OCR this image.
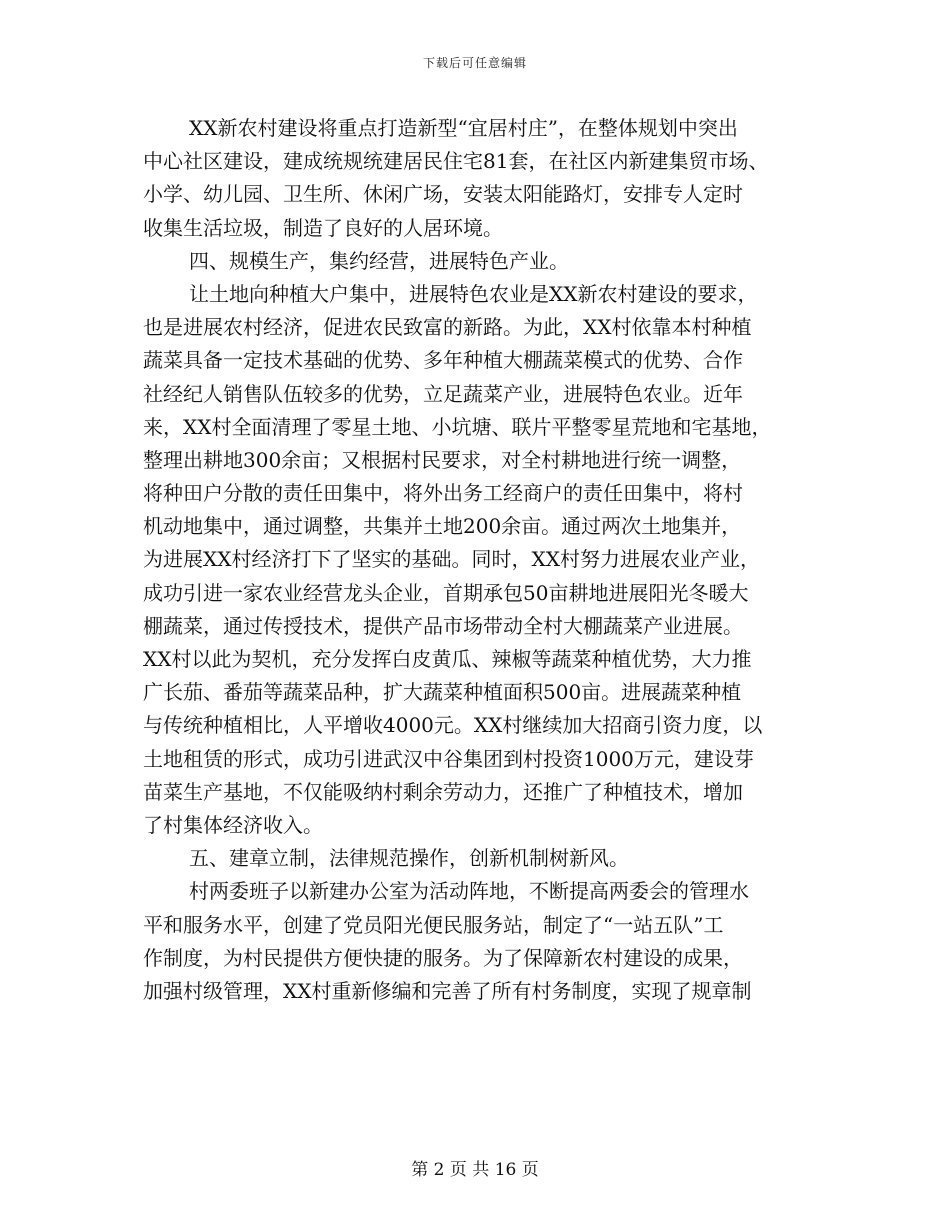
下载后可任意编辑
XX新农村建设将重点打造新型“宜居村庄”，在整体规划中突出
中心社区建设，建成统规统建居民住宅81套，在社区内新建集贸市场、
小学、幼儿园、卫生所、休闲广场，安装太阳能路灯，安排专人定时
收集生活垃圾，制造了良好的人居环境。
四、规模生产，集约经营，进展特色产业。
让土地向种植大户集中，进展特色农业是XX新农村建设的要求，
也是进展农村经济，促进农民致富的新路。为此，XX村依靠本村种植
蔬菜具备一定技术基础的优势、多年种植大棚蔬菜模式的优势、合作
社经纪人销售队伍较多的优势，立足蔬菜产业，进展特色农业。近年
来，XX村全面清理了零星土地、小坑塘、联片平整零星荒地和宅基地，
整理出耕地300余亩；又根据村民要求，对全村耕地进行统一调整，
将种田户分散的责任田集中，将外出务工经商户的责任田集中，将村
机动地集中，通过调整，共集并土地200余亩。通过两次土地集并，
为进展XX村经济打下了坚实的基础。同时，XX村努力进展农业产业，
成功引进一家农业经营龙头企业，首期承包50亩耕地进展阳光冬暖大
棚蔬菜，通过传授技术，提供产品市场带动全村大棚蔬菜产业进展。
XX村以此为契机，充分发挥白皮黄瓜、辣椒等蔬菜种植优势，大力推
广长茄、番茄等蔬菜品种，扩大蔬菜种植面积500亩。进展蔬菜种植
与传统种植相比，人平增收4000元。XX村继续加大招商引资力度，以
土地租赁的形式，成功引进武汉中谷集团到村投资1000万元，建设芽
苗菜生产基地，不仅能吸纳村剩余劳动力，还推广了种植技术，增加
了村集体经济收入。
五、建章立制，法律规范操作，创新机制树新风。
村两委班子以新建办公室为活动阵地，不断提高两委会的管理水
平和服务水平，创建了党员阳光便民服务站，制定了“一站五队”工
作制度，为村民提供方便快捷的服务。为了保障新农村建设的成果，
加强村级管理，XX村重新修编和完善了所有村务制度，实现了规章制
第 2 页 共 16 页
